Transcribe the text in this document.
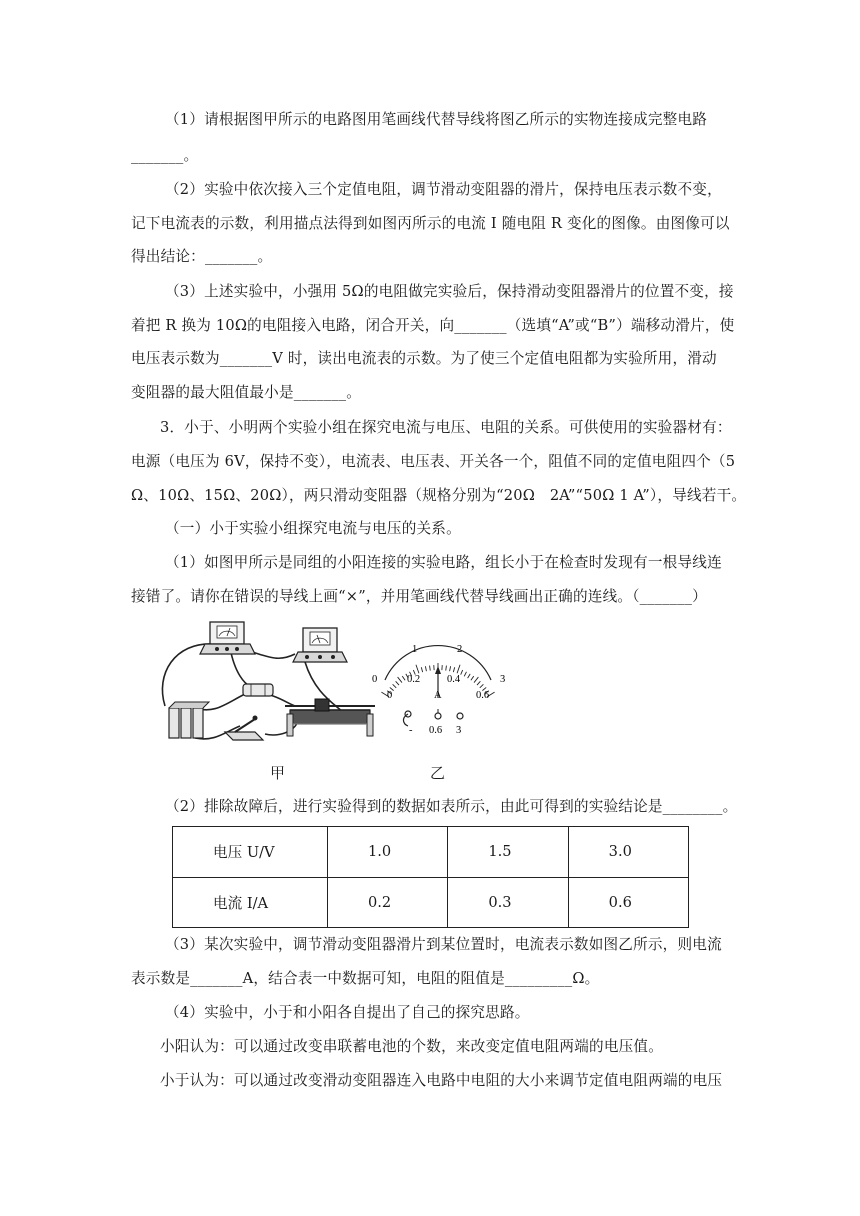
（1）请根据图甲所示的电路图用笔画线代替导线将图乙所示的实物连接成完整电路
_______。
（2）实验中依次接入三个定值电阻，调节滑动变阻器的滑片，保持电压表示数不变，
记下电流表的示数，利用描点法得到如图丙所示的电流 I 随电阻 R 变化的图像。由图像可以
得出结论：_______。
（3）上述实验中，小强用 5Ω的电阻做完实验后，保持滑动变阻器滑片的位置不变，接
着把 R 换为 10Ω的电阻接入电路，闭合开关，向_______（选填“A”或“B”）端移动滑片，使
电压表示数为_______V 时，读出电流表的示数。为了使三个定值电阻都为实验所用，滑动
变阻器的最大阻值最小是_______。
3．小于、小明两个实验小组在探究电流与电压、电阻的关系。可供使用的实验器材有：
电源（电压为 6V，保持不变），电流表、电压表、开关各一个，阻值不同的定值电阻四个（5
Ω、10Ω、15Ω、20Ω），两只滑动变阻器（规格分别为“20Ω　2A”“50Ω 1 A”），导线若干。
（一）小于实验小组探究电流与电压的关系。
（1）如图甲所示是同组的小阳连接的实验电路，组长小于在检查时发现有一根导线连
接错了。请你在错误的导线上画“×”，并用笔画线代替导线画出正确的连线。（_______）
甲
0
1	2
3
0
0.2	0.4
0.6
A
- 0.6 3
乙
（2）排除故障后，进行实验得到的数据如表所示，由此可得到的实验结论是________。
电压 U/V	1.0	1.5	3.0
电流 I/A	0.2	0.3	0.6
（3）某次实验中，调节滑动变阻器滑片到某位置时，电流表示数如图乙所示，则电流
表示数是_______A，结合表一中数据可知，电阻的阻值是_________Ω。
（4）实验中，小于和小阳各自提出了自己的探究思路。
小阳认为：可以通过改变串联蓄电池的个数，来改变定值电阻两端的电压值。
小于认为：可以通过改变滑动变阻器连入电路中电阻的大小来调节定值电阻两端的电压
